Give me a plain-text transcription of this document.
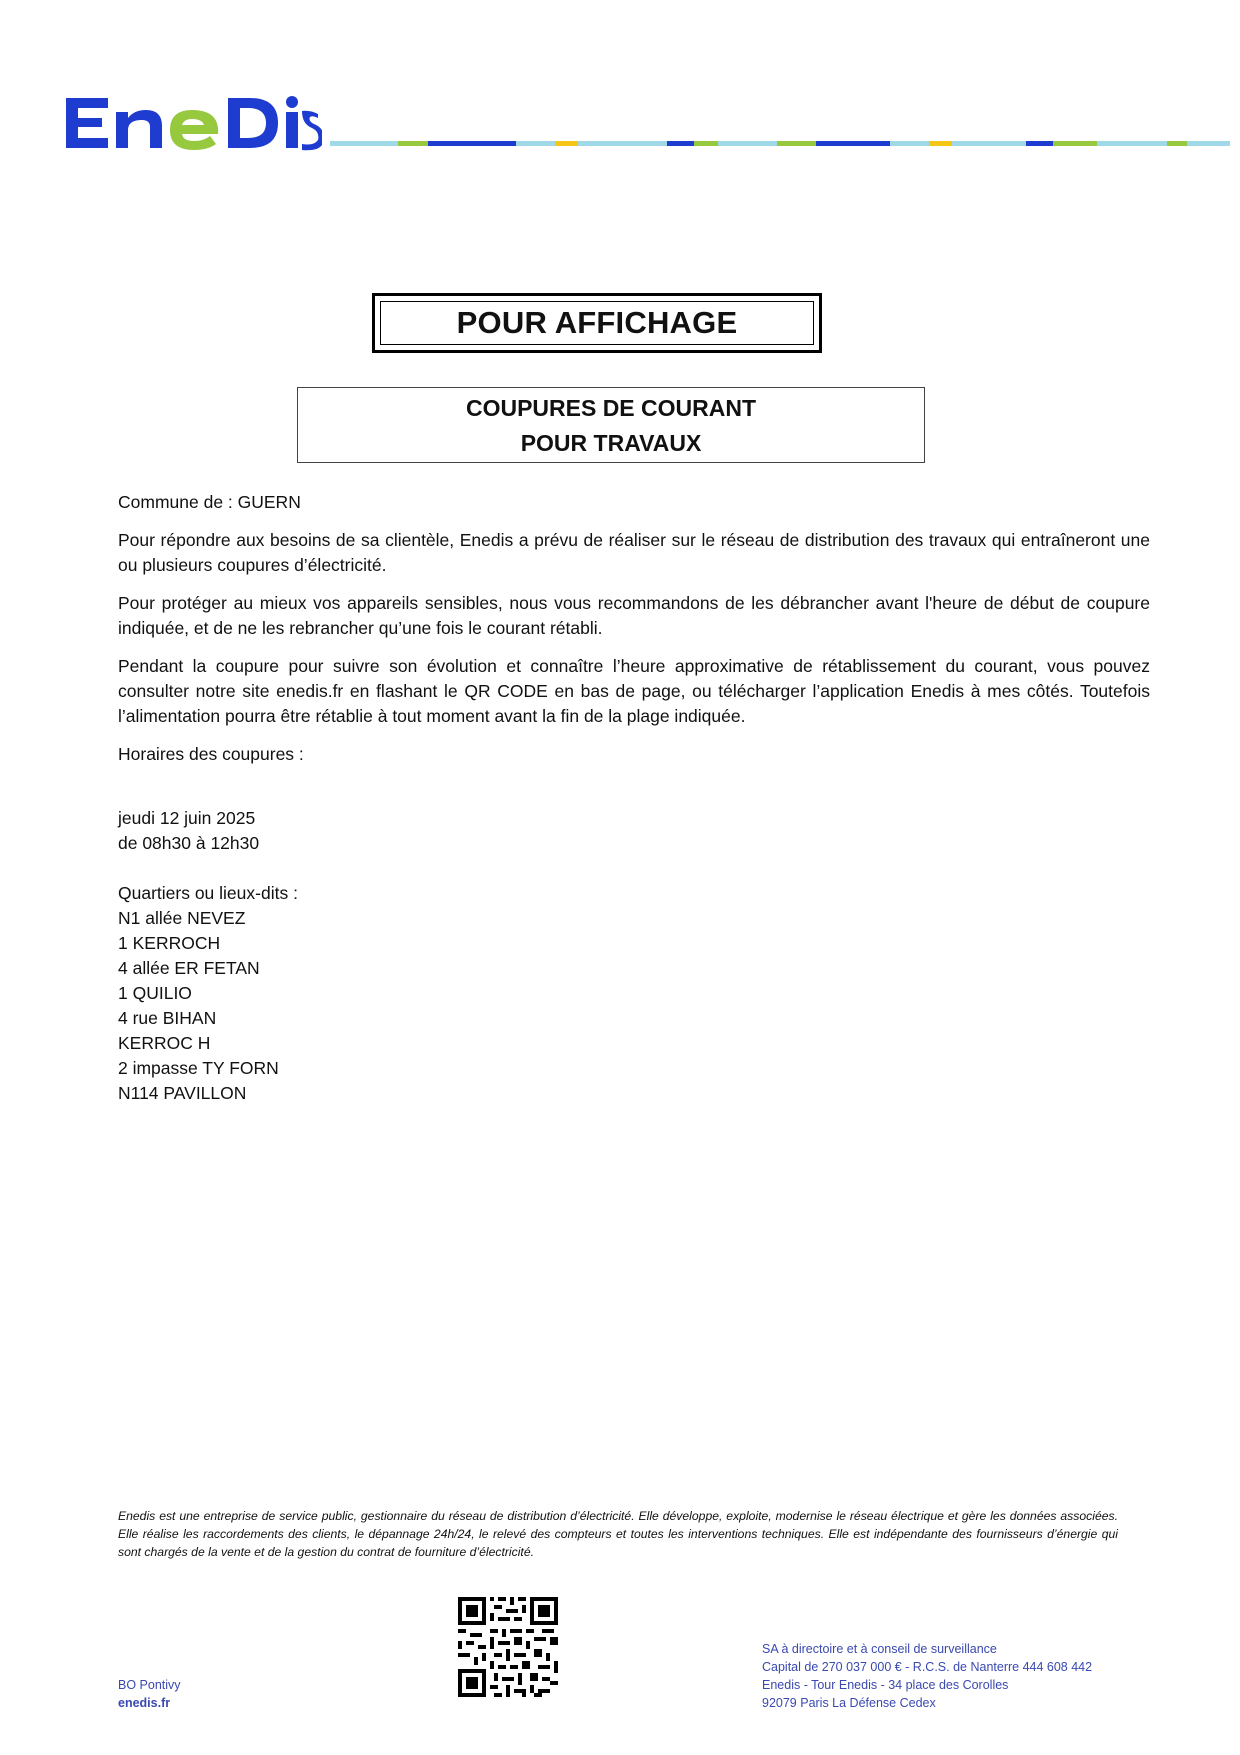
POUR AFFICHAGE
COUPURES DE COURANT
POUR TRAVAUX

Commune de : GUERN

Pour répondre aux besoins de sa clientèle, Enedis a prévu de réaliser sur le réseau de distribution des travaux qui entraîneront une ou plusieurs coupures d’électricité.

Pour protéger au mieux vos appareils sensibles, nous vous recommandons de les débrancher avant l'heure de début de coupure indiquée, et de ne les rebrancher qu’une fois le courant rétabli.

Pendant la coupure pour suivre son évolution et connaître l’heure approximative de rétablissement du courant, vous pouvez consulter notre site enedis.fr en flashant le QR CODE en bas de page, ou télécharger l’application Enedis à mes côtés. Toutefois l’alimentation pourra être rétablie à tout moment avant la fin de la plage indiquée.

Horaires des coupures :

jeudi 12 juin 2025
de 08h30 à 12h30
Quartiers ou lieux-dits :
N1 allée NEVEZ
1 KERROCH
4 allée ER FETAN
1 QUILIO
4 rue BIHAN
KERROC H
2 impasse TY FORN
N114 PAVILLON
Enedis est une entreprise de service public, gestionnaire du réseau de distribution d’électricité. Elle développe, exploite, modernise le réseau électrique et gère les données associées. Elle réalise les raccordements des clients, le dépannage 24h/24, le relevé des compteurs et toutes les interventions techniques. Elle est indépendante des fournisseurs d’énergie qui sont chargés de la vente et de la gestion du contrat de fourniture d’électricité.
BO Pontivy
enedis.fr
SA à directoire et à conseil de surveillance
Capital de 270 037 000 € - R.C.S. de Nanterre 444 608 442
Enedis - Tour Enedis - 34 place des Corolles
92079 Paris La Défense Cedex
